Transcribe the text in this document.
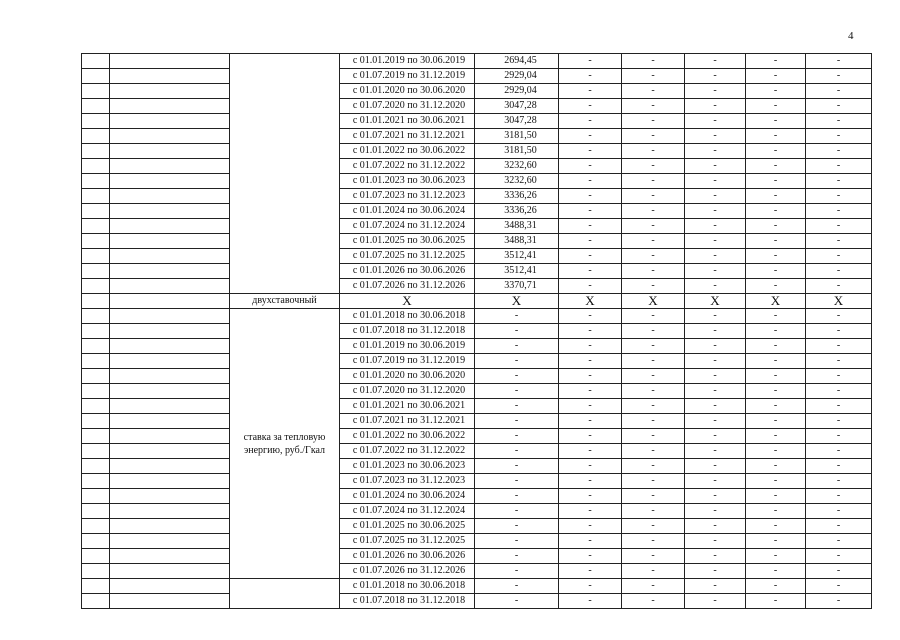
4
			с 01.01.2019 по 30.06.2019	2694,45	-	-	-	-	-
			с 01.07.2019 по 31.12.2019	2929,04	-	-	-	-	-
			с 01.01.2020 по 30.06.2020	2929,04	-	-	-	-	-
			с 01.07.2020 по 31.12.2020	3047,28	-	-	-	-	-
			с 01.01.2021 по 30.06.2021	3047,28	-	-	-	-	-
			с 01.07.2021 по 31.12.2021	3181,50	-	-	-	-	-
			с 01.01.2022 по 30.06.2022	3181,50	-	-	-	-	-
			с 01.07.2022 по 31.12.2022	3232,60	-	-	-	-	-
			с 01.01.2023 по 30.06.2023	3232,60	-	-	-	-	-
			с 01.07.2023 по 31.12.2023	3336,26	-	-	-	-	-
			с 01.01.2024 по 30.06.2024	3336,26	-	-	-	-	-
			с 01.07.2024 по 31.12.2024	3488,31	-	-	-	-	-
			с 01.01.2025 по 30.06.2025	3488,31	-	-	-	-	-
			с 01.07.2025 по 31.12.2025	3512,41	-	-	-	-	-
			с 01.01.2026 по 30.06.2026	3512,41	-	-	-	-	-
			с 01.07.2026 по 31.12.2026	3370,71	-	-	-	-	-
		двухставочный	Х	Х	Х	Х	Х	Х	Х
		ставка за тепловую энергию, руб./Гкал	с 01.01.2018 по 30.06.2018	-	-	-	-	-	-
			с 01.07.2018 по 31.12.2018	-	-	-	-	-	-
			с 01.01.2019 по 30.06.2019	-	-	-	-	-	-
			с 01.07.2019 по 31.12.2019	-	-	-	-	-	-
			с 01.01.2020 по 30.06.2020	-	-	-	-	-	-
			с 01.07.2020 по 31.12.2020	-	-	-	-	-	-
			с 01.01.2021 по 30.06.2021	-	-	-	-	-	-
			с 01.07.2021 по 31.12.2021	-	-	-	-	-	-
			с 01.01.2022 по 30.06.2022	-	-	-	-	-	-
			с 01.07.2022 по 31.12.2022	-	-	-	-	-	-
			с 01.01.2023 по 30.06.2023	-	-	-	-	-	-
			с 01.07.2023 по 31.12.2023	-	-	-	-	-	-
			с 01.01.2024 по 30.06.2024	-	-	-	-	-	-
			с 01.07.2024 по 31.12.2024	-	-	-	-	-	-
			с 01.01.2025 по 30.06.2025	-	-	-	-	-	-
			с 01.07.2025 по 31.12.2025	-	-	-	-	-	-
			с 01.01.2026 по 30.06.2026	-	-	-	-	-	-
			с 01.07.2026 по 31.12.2026	-	-	-	-	-	-
			с 01.01.2018 по 30.06.2018	-	-	-	-	-	-
			с 01.07.2018 по 31.12.2018	-	-	-	-	-	-
